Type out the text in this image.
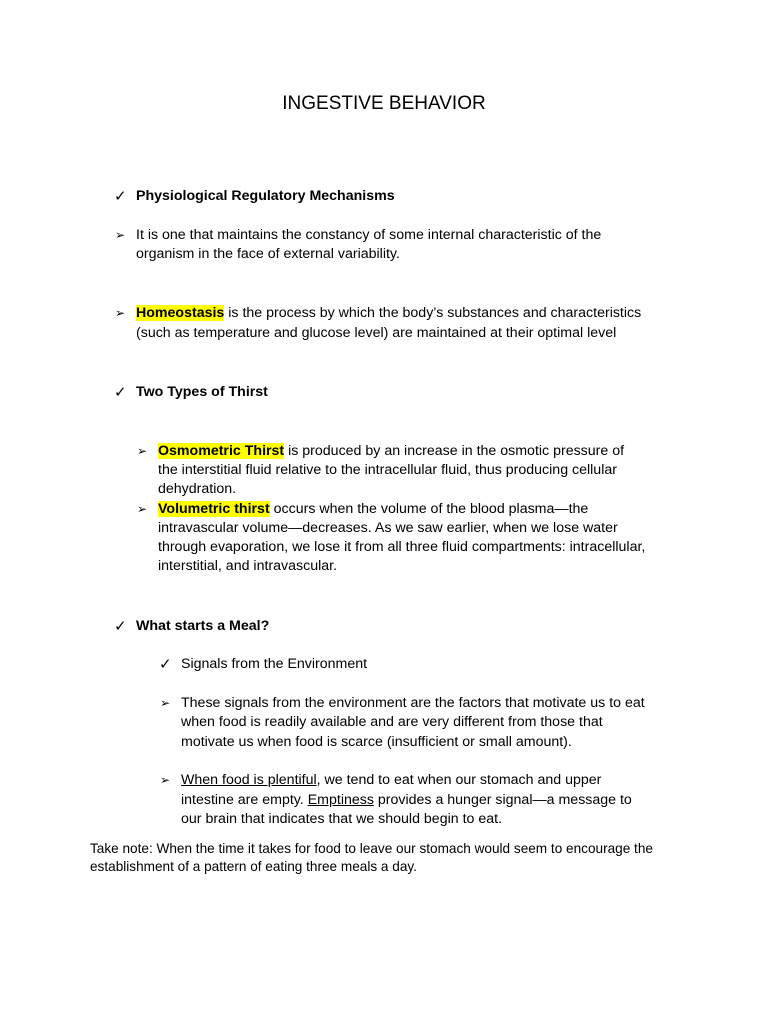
INGESTIVE BEHAVIOR
✓ Physiological Regulatory Mechanisms
➢ It is one that maintains the constancy of some internal characteristic of the
organism in the face of external variability.
➢ Homeostasis is the process by which the body’s substances and characteristics
(such as temperature and glucose level) are maintained at their optimal level
✓ Two Types of Thirst
➢ Osmometric Thirst is produced by an increase in the osmotic pressure of
the interstitial fluid relative to the intracellular fluid, thus producing cellular
dehydration.
➢ Volumetric thirst occurs when the volume of the blood plasma—the
intravascular volume—decreases. As we saw earlier, when we lose water
through evaporation, we lose it from all three fluid compartments: intracellular,
interstitial, and intravascular.
✓ What starts a Meal?
✓ Signals from the Environment
➢ These signals from the environment are the factors that motivate us to eat
when food is readily available and are very different from those that
motivate us when food is scarce (insufficient or small amount).
➢ When food is plentiful, we tend to eat when our stomach and upper
intestine are empty. Emptiness provides a hunger signal—a message to
our brain that indicates that we should begin to eat.
Take note: When the time it takes for food to leave our stomach would seem to encourage the
establishment of a pattern of eating three meals a day.
